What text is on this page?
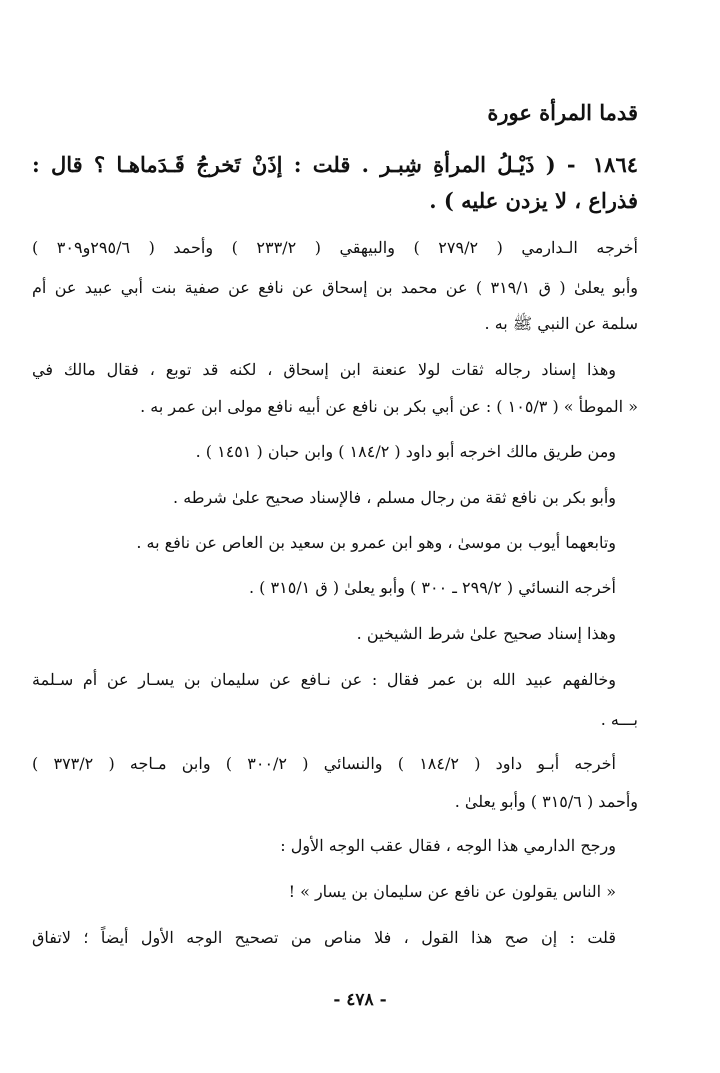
قدما المرأة عورة
١٨٦٤ - ( ذَيْـلُ المرأةِ شِبـر . قلت : إذَنْ تَخرجُ قَـدَماهـا ؟ قال :
فذراع ، لا يزدن عليه ) .
أخرجه الـدارمي ( ٢٧٩/٢ ) والبيهقي ( ٢٣٣/٢ ) وأحمد ( ٢٩٥/٦و٣٠٩ )
وأبو يعلىٰ ( ق ٣١٩/١ ) عن محمد بن إسحاق عن نافع عن صفية بنت أبي عبيد عن أم
سلمة عن النبي ﷺ به .
وهذا إسناد رجاله ثقات لولا عنعنة ابن إسحاق ، لكنه قد توبع ، فقال مالك في
« الموطأ » ( ١٠٥/٣ ) : عن أبي بكر بن نافع عن أبيه نافع مولى ابن عمر به .
ومن طريق مالك اخرجه أبو داود ( ١٨٤/٢ ) وابن حبان ( ١٤٥١ ) .
وأبو بكر بن نافع ثقة من رجال مسلم ، فالإسناد صحيح علىٰ شرطه .
وتابعهما أيوب بن موسىٰ ، وهو ابن عمرو بن سعيد بن العاص عن نافع به .
أخرجه النسائي ( ٢٩٩/٢ ـ ٣٠٠ ) وأبو يعلىٰ ( ق ٣١٥/١ ) .
وهذا إسناد صحيح علىٰ شرط الشيخين .
وخالفهم عبيد الله بن عمر فقال : عن نـافع عن سليمان بن يسـار عن أم سـلمة
بـــه .
أخرجه أبـو داود ( ١٨٤/٢ ) والنسائي ( ٣٠٠/٢ ) وابن مـاجه ( ٣٧٣/٢ )
وأحمد ( ٣١٥/٦ ) وأبو يعلىٰ .
ورجح الدارمي هذا الوجه ، فقال عقب الوجه الأول :
« الناس يقولون عن نافع عن سليمان بن يسار » !
قلت : إن صح هذا القول ، فلا مناص من تصحيح الوجه الأول أيضاً ؛ لاتفاق
- ٤٧٨ -
